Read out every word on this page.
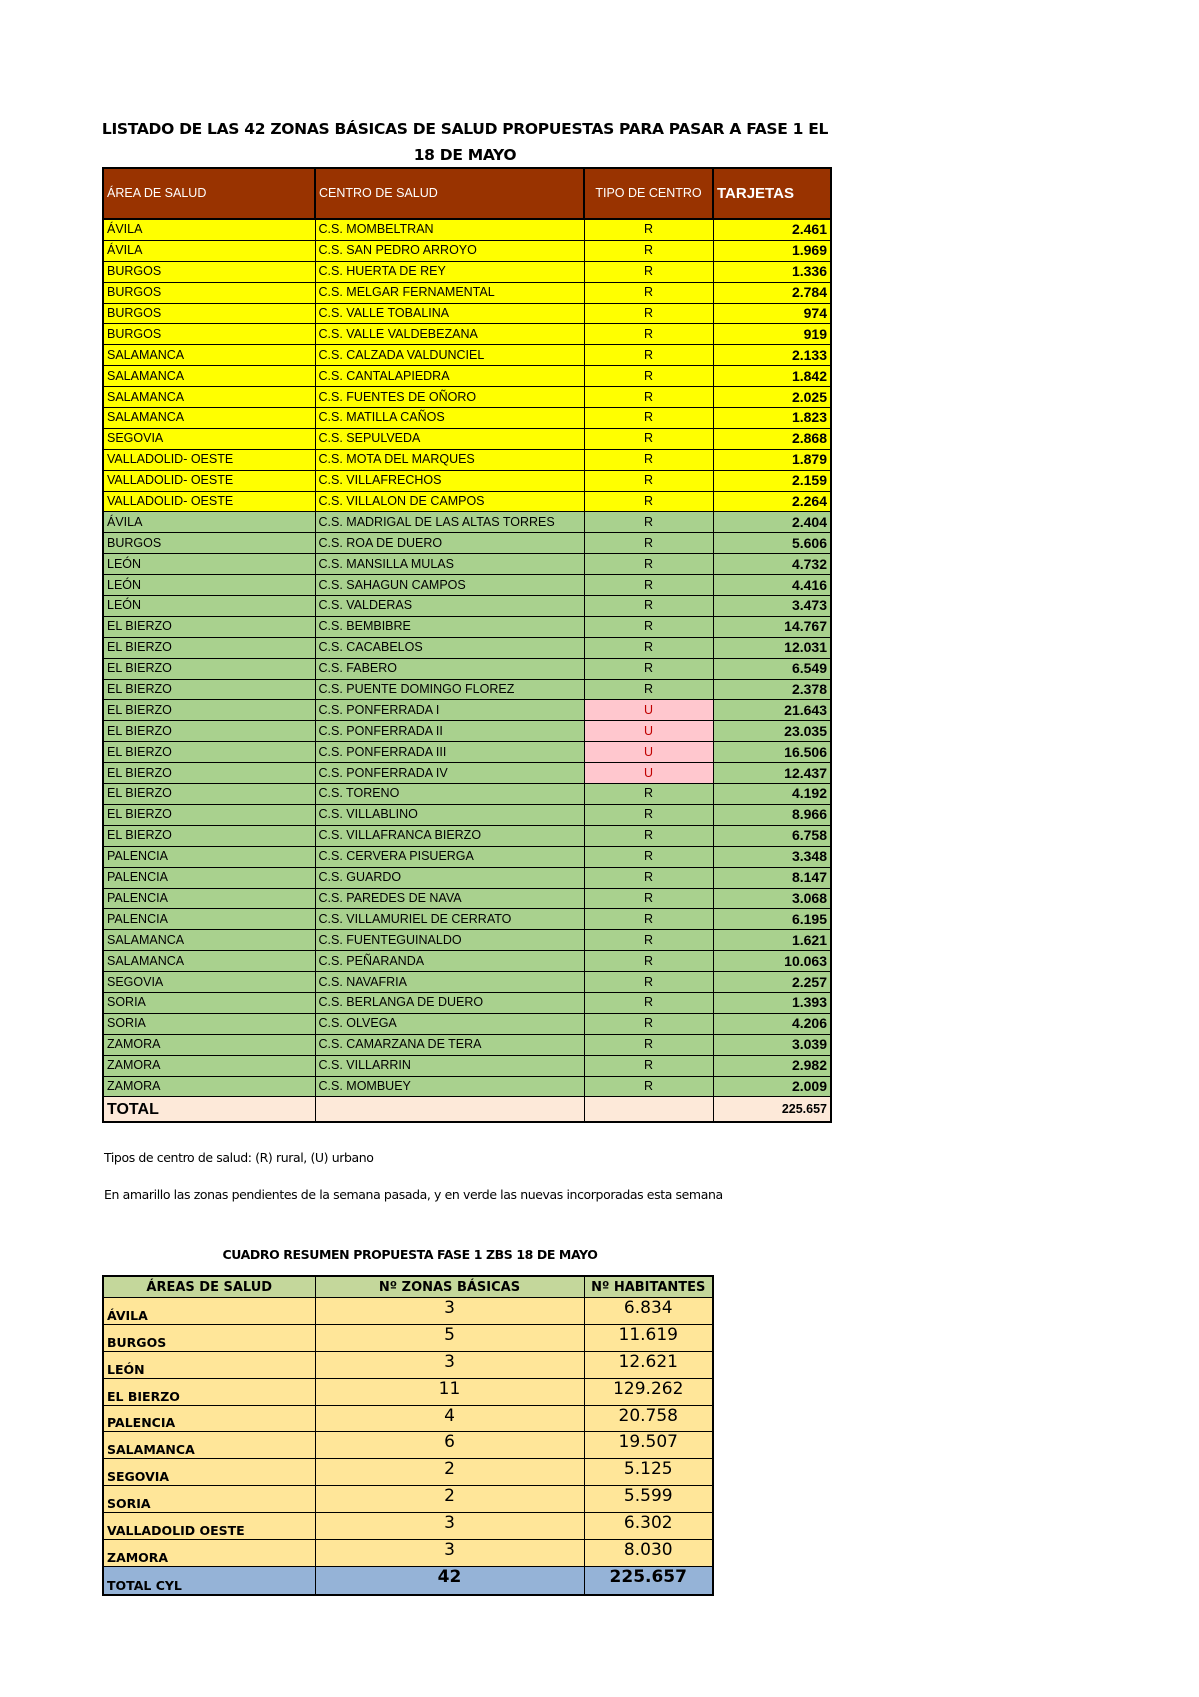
LISTADO DE LAS 42 ZONAS BÁSICAS DE SALUD PROPUESTAS PARA PASAR A FASE 1 EL
18 DE MAYO
ÁREA DE SALUD	CENTRO DE SALUD	TIPO DE CENTRO	TARJETAS
ÁVILA	C.S. MOMBELTRAN	R	2.461
ÁVILA	C.S. SAN PEDRO ARROYO	R	1.969
BURGOS	C.S. HUERTA DE REY	R	1.336
BURGOS	C.S. MELGAR FERNAMENTAL	R	2.784
BURGOS	C.S. VALLE TOBALINA	R	974
BURGOS	C.S. VALLE VALDEBEZANA	R	919
SALAMANCA	C.S. CALZADA VALDUNCIEL	R	2.133
SALAMANCA	C.S. CANTALAPIEDRA	R	1.842
SALAMANCA	C.S. FUENTES DE OÑORO	R	2.025
SALAMANCA	C.S. MATILLA CAÑOS	R	1.823
SEGOVIA	C.S. SEPULVEDA	R	2.868
VALLADOLID- OESTE	C.S. MOTA DEL MARQUES	R	1.879
VALLADOLID- OESTE	C.S. VILLAFRECHOS	R	2.159
VALLADOLID- OESTE	C.S. VILLALON DE CAMPOS	R	2.264
ÁVILA	C.S. MADRIGAL DE LAS ALTAS TORRES	R	2.404
BURGOS	C.S. ROA DE DUERO	R	5.606
LEÓN	C.S. MANSILLA MULAS	R	4.732
LEÓN	C.S. SAHAGUN CAMPOS	R	4.416
LEÓN	C.S. VALDERAS	R	3.473
EL BIERZO	C.S. BEMBIBRE	R	14.767
EL BIERZO	C.S. CACABELOS	R	12.031
EL BIERZO	C.S. FABERO	R	6.549
EL BIERZO	C.S. PUENTE DOMINGO FLOREZ	R	2.378
EL BIERZO	C.S. PONFERRADA I	U	21.643
EL BIERZO	C.S. PONFERRADA II	U	23.035
EL BIERZO	C.S. PONFERRADA III	U	16.506
EL BIERZO	C.S. PONFERRADA IV	U	12.437
EL BIERZO	C.S. TORENO	R	4.192
EL BIERZO	C.S. VILLABLINO	R	8.966
EL BIERZO	C.S. VILLAFRANCA BIERZO	R	6.758
PALENCIA	C.S. CERVERA PISUERGA	R	3.348
PALENCIA	C.S. GUARDO	R	8.147
PALENCIA	C.S. PAREDES DE NAVA	R	3.068
PALENCIA	C.S. VILLAMURIEL DE CERRATO	R	6.195
SALAMANCA	C.S. FUENTEGUINALDO	R	1.621
SALAMANCA	C.S. PEÑARANDA	R	10.063
SEGOVIA	C.S. NAVAFRIA	R	2.257
SORIA	C.S. BERLANGA DE DUERO	R	1.393
SORIA	C.S. OLVEGA	R	4.206
ZAMORA	C.S. CAMARZANA DE TERA	R	3.039
ZAMORA	C.S. VILLARRIN	R	2.982
ZAMORA	C.S. MOMBUEY	R	2.009
TOTAL			225.657
Tipos de centro de salud: (R) rural, (U) urbano
En amarillo las zonas pendientes de la semana pasada, y en verde las nuevas incorporadas esta semana
CUADRO RESUMEN PROPUESTA FASE 1 ZBS 18 DE MAYO
ÁREAS DE SALUD	Nº ZONAS BÁSICAS	Nº HABITANTES
ÁVILA	3	6.834
BURGOS	5	11.619
LEÓN	3	12.621
EL BIERZO	11	129.262
PALENCIA	4	20.758
SALAMANCA	6	19.507
SEGOVIA	2	5.125
SORIA	2	5.599
VALLADOLID OESTE	3	6.302
ZAMORA	3	8.030
TOTAL CYL	42	225.657
